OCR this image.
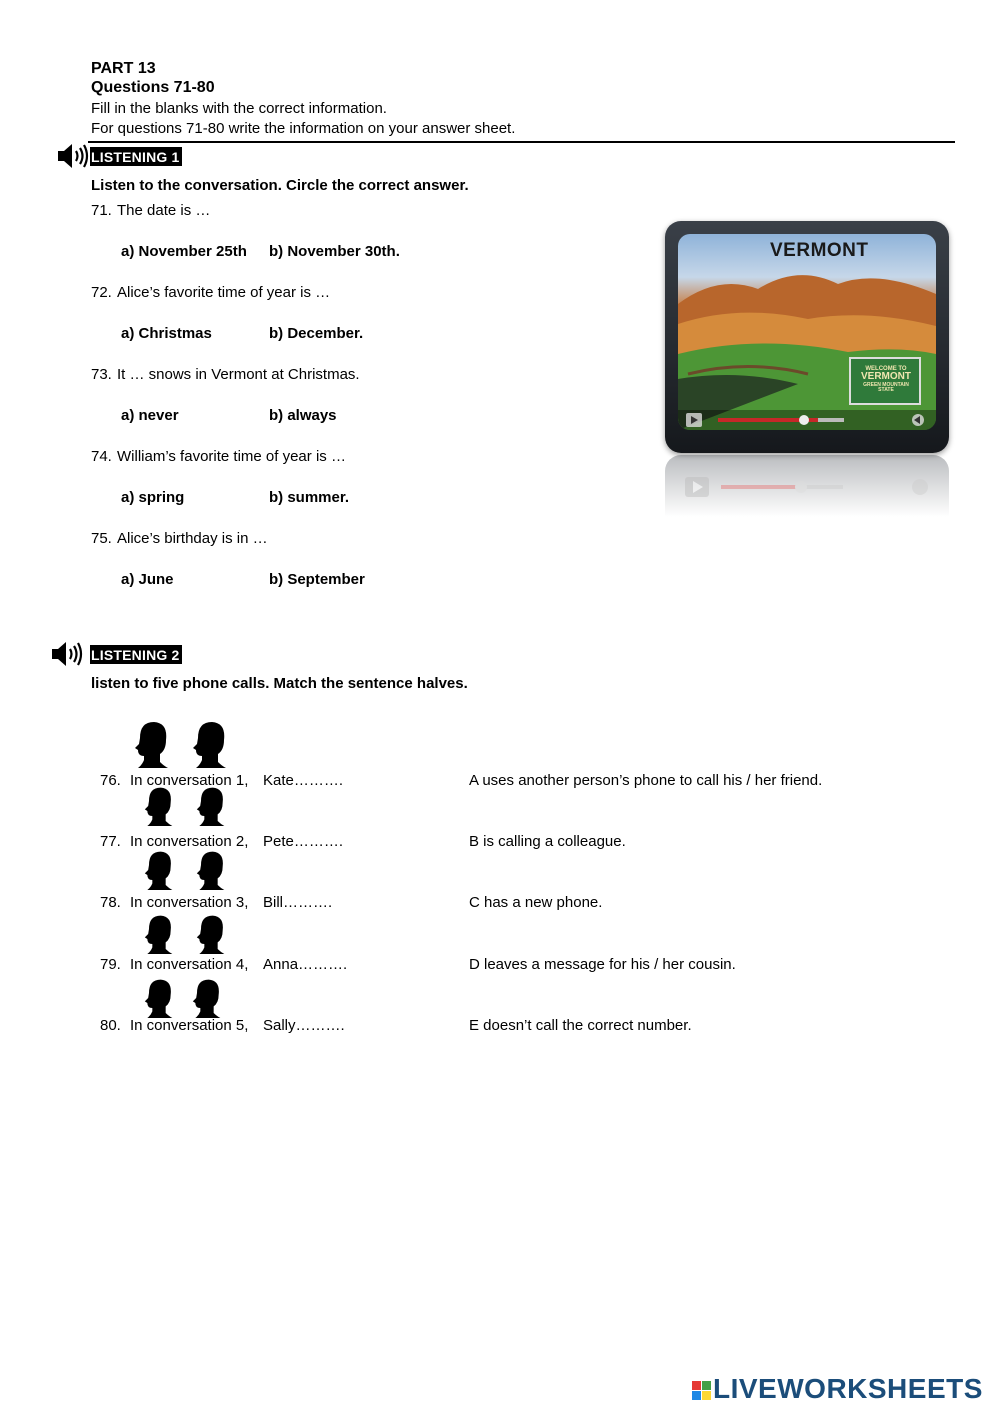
PART 13
Questions 71-80
Fill in the blanks with the correct information.
For questions 71-80 write the information on your answer sheet.
LISTENING 1
Listen to the conversation. Circle the correct answer.
71. The date is …
a) November 25th b) November 30th.
72. Alice’s favorite time of year is …
a) Christmas	b) December.
73. It … snows in Vermont at Christmas.
a) never	b) always
74. William’s favorite time of year is …
a) spring	b) summer.
75. Alice’s birthday is in …
a) June	b) September
VERMONT
WELCOME TO
VERMONT
GREEN MOUNTAIN STATE
LISTENING 2
listen to five phone calls. Match the sentence halves.
76. In conversation 1, Kate……….	A uses another person’s phone to call his / her friend.
77. In conversation 2, Pete……….	B is calling a colleague.
78. In conversation 3, Bill……….	C has a new phone.
79. In conversation 4, Anna……….	D leaves a message for his / her cousin.
80. In conversation 5, Sally……….	E doesn’t call the correct number.
LIVEWORKSHEETS
